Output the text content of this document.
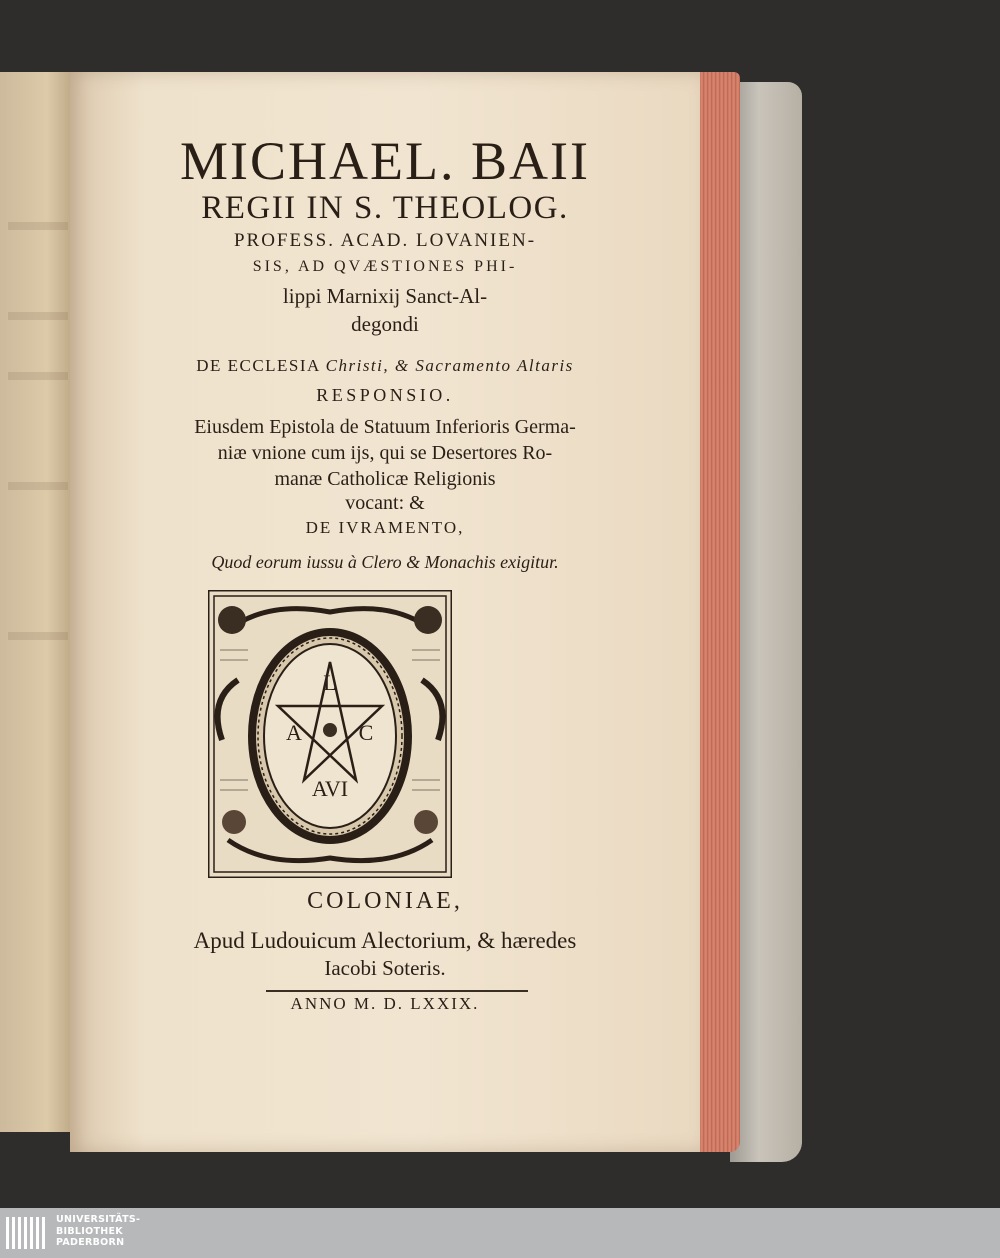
MICHAEL. BAII
REGII IN S. THEOLOG.
PROFESS. ACAD. LOVANIEN-
SIS, AD QVÆSTIONES PHI-
lippi Marnixij Sanct-Al-
degondi
DE ECCLESIA Christi, & Sacramento Altaris
RESPONSIO.
Eiusdem Epistola de Statuum Inferioris Germa-
niæ vnione cum ijs, qui se Desertores Ro-
manæ Catholicæ Religionis
vocant: &
DE IVRAMENTO,
Quod eorum iussu à Clero & Monachis exigitur.
L
A	C
AVI
COLONIAE,
Apud Ludouicum Alectorium, & hæredes
Iacobi Soteris.
ANNO M. D. LXXIX.
UNIVERSITÄTS-
BIBLIOTHEK
PADERBORN
